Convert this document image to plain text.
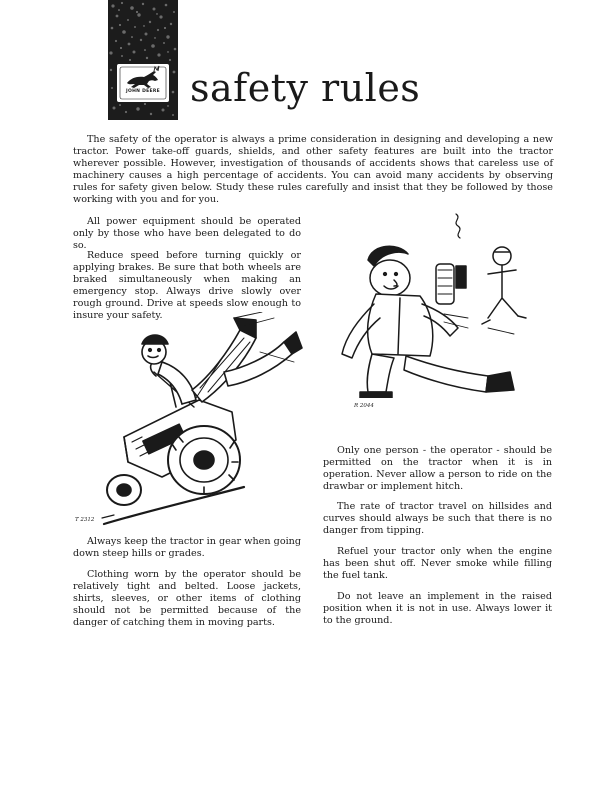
JOHN DEERE safety rules

The safety of the operator is always a prime consideration in designing and developing a new tractor. Power take-off guards, shields, and other safety features are built into the tractor wherever possible. However, investigation of thousands of accidents shows that careless use of machinery causes a high percentage of accidents. You can avoid many accidents by observing rules for safety given below. Study these rules carefully and insist that they be followed by those working with you and for you.

All power equipment should be operated only by those who have been delegated to do so.

Reduce speed before turning quickly or applying brakes. Be sure that both wheels are braked simultaneously when making an emergency stop. Always drive slowly over rough ground. Drive at speeds slow enough to insure your safety.

T 2312

Always keep the tractor in gear when going down steep hills or grades.

Clothing worn by the operator should be relatively tight and belted. Loose jackets, shirts, sleeves, or other items of clothing should not be permitted because of the danger of catching them in moving parts.

R 2044

Only one person - the operator - should be permitted on the tractor when it is in operation. Never allow a person to ride on the drawbar or implement hitch.

The rate of tractor travel on hillsides and curves should always be such that there is no danger from tipping.

Refuel your tractor only when the engine has been shut off. Never smoke while filling the fuel tank.

Do not leave an implement in the raised position when it is not in use. Always lower it to the ground.
